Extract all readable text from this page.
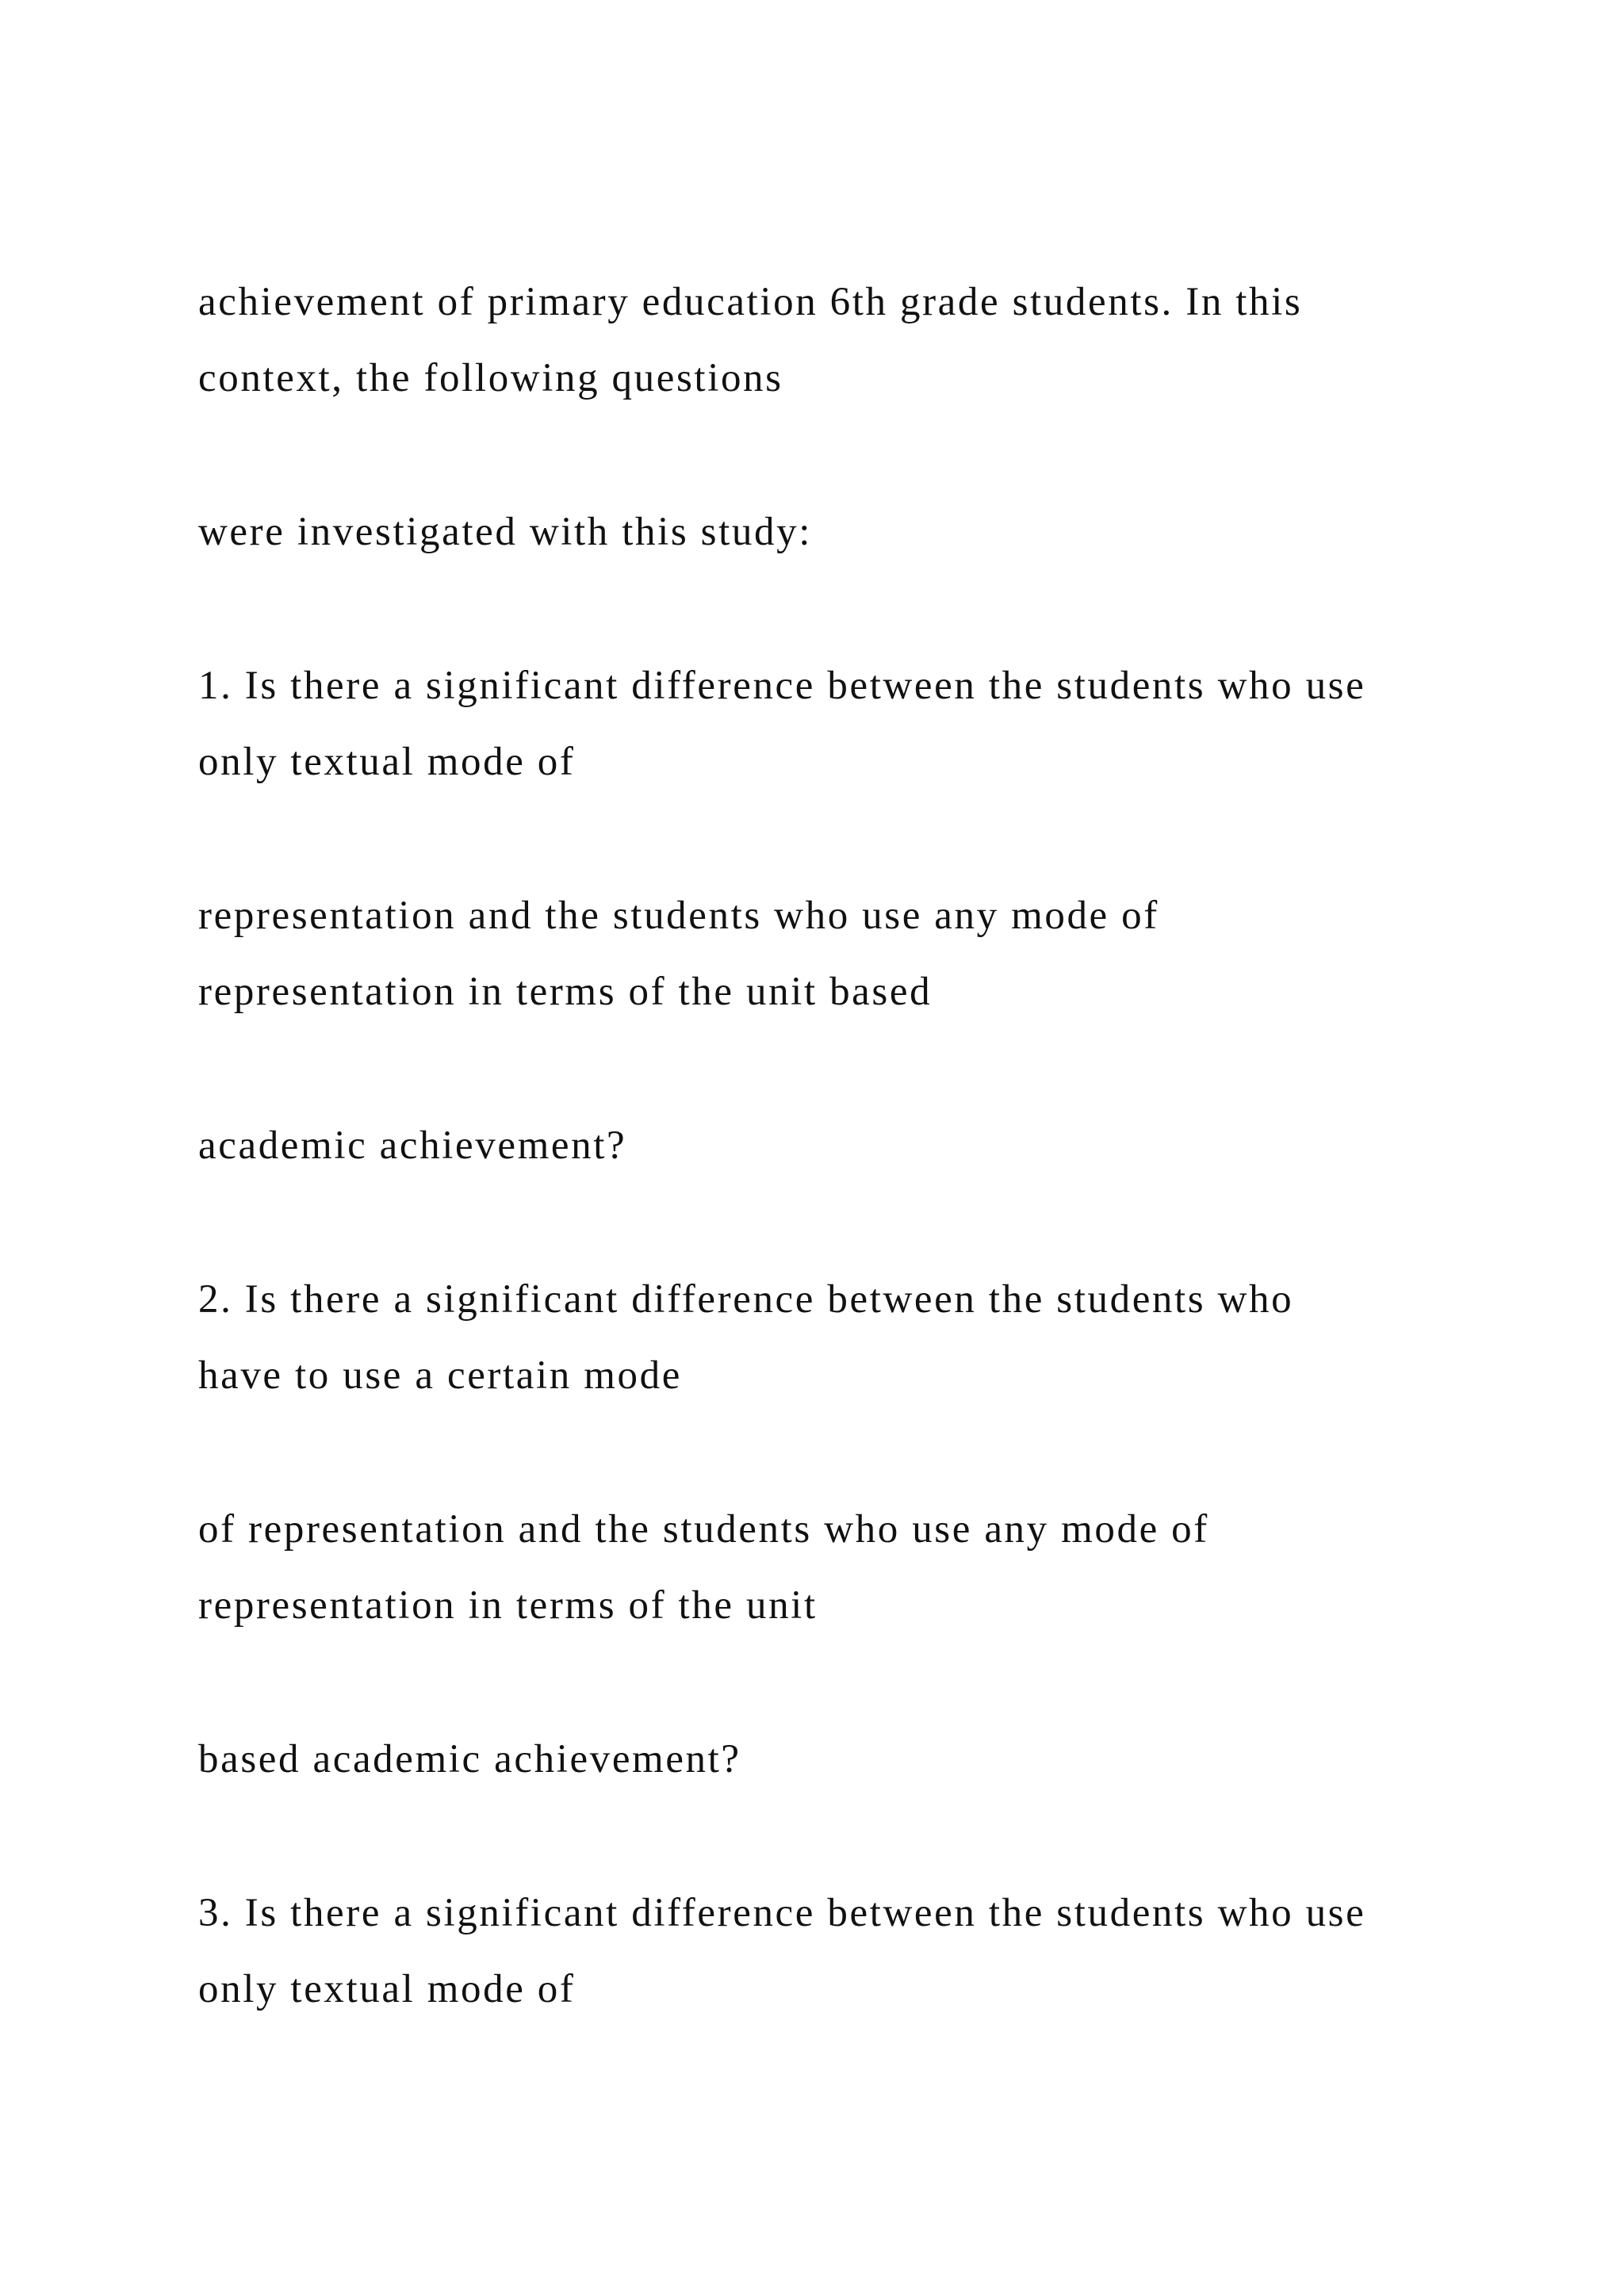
achievement of primary education 6th grade students. In this

context, the following questions

were investigated with this study:

1. Is there a significant difference between the students who use

only textual mode of

representation and the students who use any mode of

representation in terms of the unit based

academic achievement?

2. Is there a significant difference between the students who

have to use a certain mode

of representation and the students who use any mode of

representation in terms of the unit

based academic achievement?

3. Is there a significant difference between the students who use

only textual mode of
